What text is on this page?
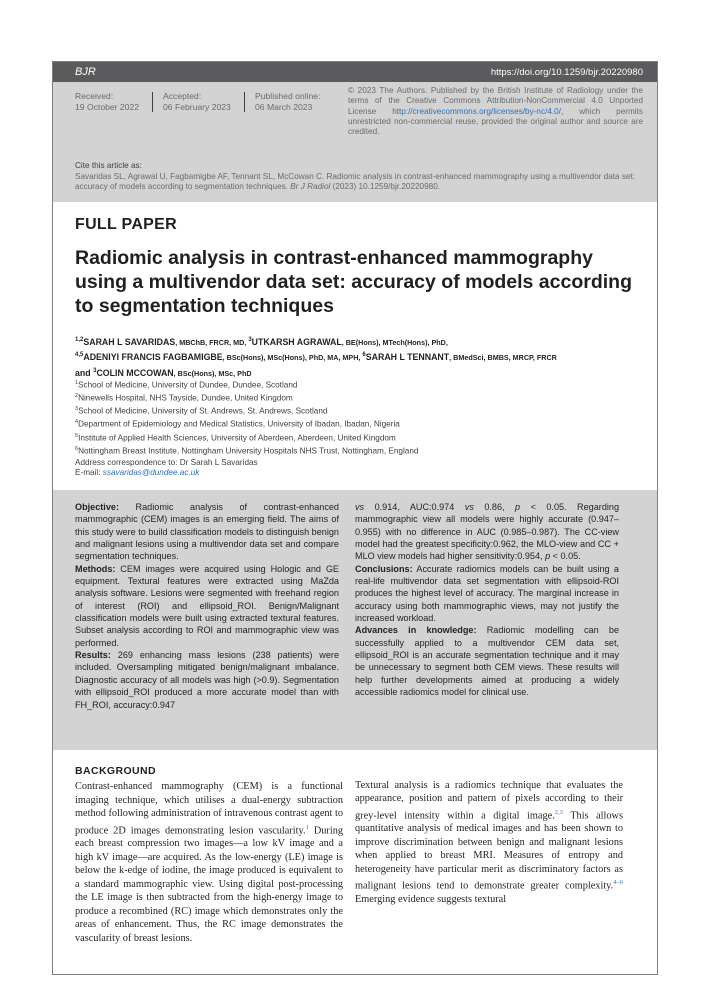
BJR	https://doi.org/10.1259/bjr.20220980
Received:
19 October 2022
Accepted:
06 February 2023
Published online:
06 March 2023
© 2023 The Authors. Published by the British Institute of Radiology under the terms of the Creative Commons Attribution-NonCommercial 4.0 Unported License http://creativecommons.org/licenses/by-nc/4.0/, which permits unrestricted non-commercial reuse, provided the original author and source are credited.
Cite this article as:
Savaridas SL, Agrawal U, Fagbamigbe AF, Tennant SL, McCowan C. Radiomic analysis in contrast-enhanced mammography using a multivendor data set: accuracy of models according to segmentation techniques. Br J Radiol (2023) 10.1259/bjr.20220980.
FULL PAPER
Radiomic analysis in contrast-enhanced mammography using a multivendor data set: accuracy of models according to segmentation techniques
$^{1,2}$SARAH L SAVARIDAS, MBChB, FRCR, MD, $^3$UTKARSH AGRAWAL, BE(Hons), MTech(Hons), PhD,
$^{4,5}$ADENIYI FRANCIS FAGBAMIGBE, BSc(Hons), MSc(Hons), PhD, MA, MPH, $^6$SARAH L TENNANT, BMedSci, BMBS, MRCP, FRCR
and $^3$COLIN MCCOWAN, BSc(Hons), MSc, PhD
$^1$School of Medicine, University of Dundee, Dundee, Scotland
$^2$Ninewells Hospital, NHS Tayside, Dundee, United Kingdom
$^3$School of Medicine, University of St. Andrews, St. Andrews, Scotland
$^4$Department of Epidemiology and Medical Statistics, University of Ibadan, Ibadan, Nigeria
$^5$Institute of Applied Health Sciences, University of Aberdeen, Aberdeen, United Kingdom
$^6$Nottingham Breast Institute, Nottingham University Hospitals NHS Trust, Nottingham, England
Address correspondence to: Dr Sarah L Savaridas
E-mail: ssavaridas@dundee.ac.uk

Objective: Radiomic analysis of contrast-enhanced mammographic (CEM) images is an emerging field. The aims of this study were to build classification models to distinguish benign and malignant lesions using a multivendor data set and compare segmentation techniques.

Methods: CEM images were acquired using Hologic and GE equipment. Textural features were extracted using MaZda analysis software. Lesions were segmented with freehand region of interest (ROI) and ellipsoid_ROI. Benign/Malignant classification models were built using extracted textural features. Subset analysis according to ROI and mammographic view was performed.

Results: 269 enhancing mass lesions (238 patients) were included. Oversampling mitigated benign/malignant imbalance. Diagnostic accuracy of all models was high (>0.9). Segmentation with ellipsoid_ROI produced a more accurate model than with FH_ROI, accuracy:0.947

vs 0.914, AUC:0.974 vs 0.86, p < 0.05. Regarding mammographic view all models were highly accurate (0.947–0.955) with no difference in AUC (0.985–0.987). The CC-view model had the greatest specificity:0.962, the MLO-view and CC + MLO view models had higher sensitivity:0.954, p < 0.05.

Conclusions: Accurate radiomics models can be built using a real-life multivendor data set segmentation with ellipsoid-ROI produces the highest level of accuracy. The marginal increase in accuracy using both mammographic views, may not justify the increased workload.

Advances in knowledge: Radiomic modelling can be successfully applied to a multivendor CEM data set, ellipsoid_ROI is an accurate segmentation technique and it may be unnecessary to segment both CEM views. These results will help further developments aimed at producing a widely accessible radiomics model for clinical use.

BACKGROUND

Contrast-enhanced mammography (CEM) is a functional imaging technique, which utilises a dual-energy subtraction method following administration of intravenous contrast agent to produce 2D images demonstrating lesion vascularity.$^1$ During each breast compression two images—a low kV image and a high kV image—are acquired. As the low-energy (LE) image is below the k-edge of iodine, the image produced is equivalent to a standard mammographic view. Using digital post-processing the LE image is then subtracted from the high-energy image to produce a recombined (RC) image which demonstrates only the areas of enhancement. Thus, the RC image demonstrates the vascularity of breast lesions.

Textural analysis is a radiomics technique that evaluates the appearance, position and pattern of pixels according to their grey-level intensity within a digital image.$^{2,3}$ This allows quantitative analysis of medical images and has been shown to improve discrimination between benign and malignant lesions when applied to breast MRI. Measures of entropy and heterogeneity have particular merit as discriminatory factors as malignant lesions tend to demonstrate greater complexity.$^{4-6}$ Emerging evidence suggests textural
